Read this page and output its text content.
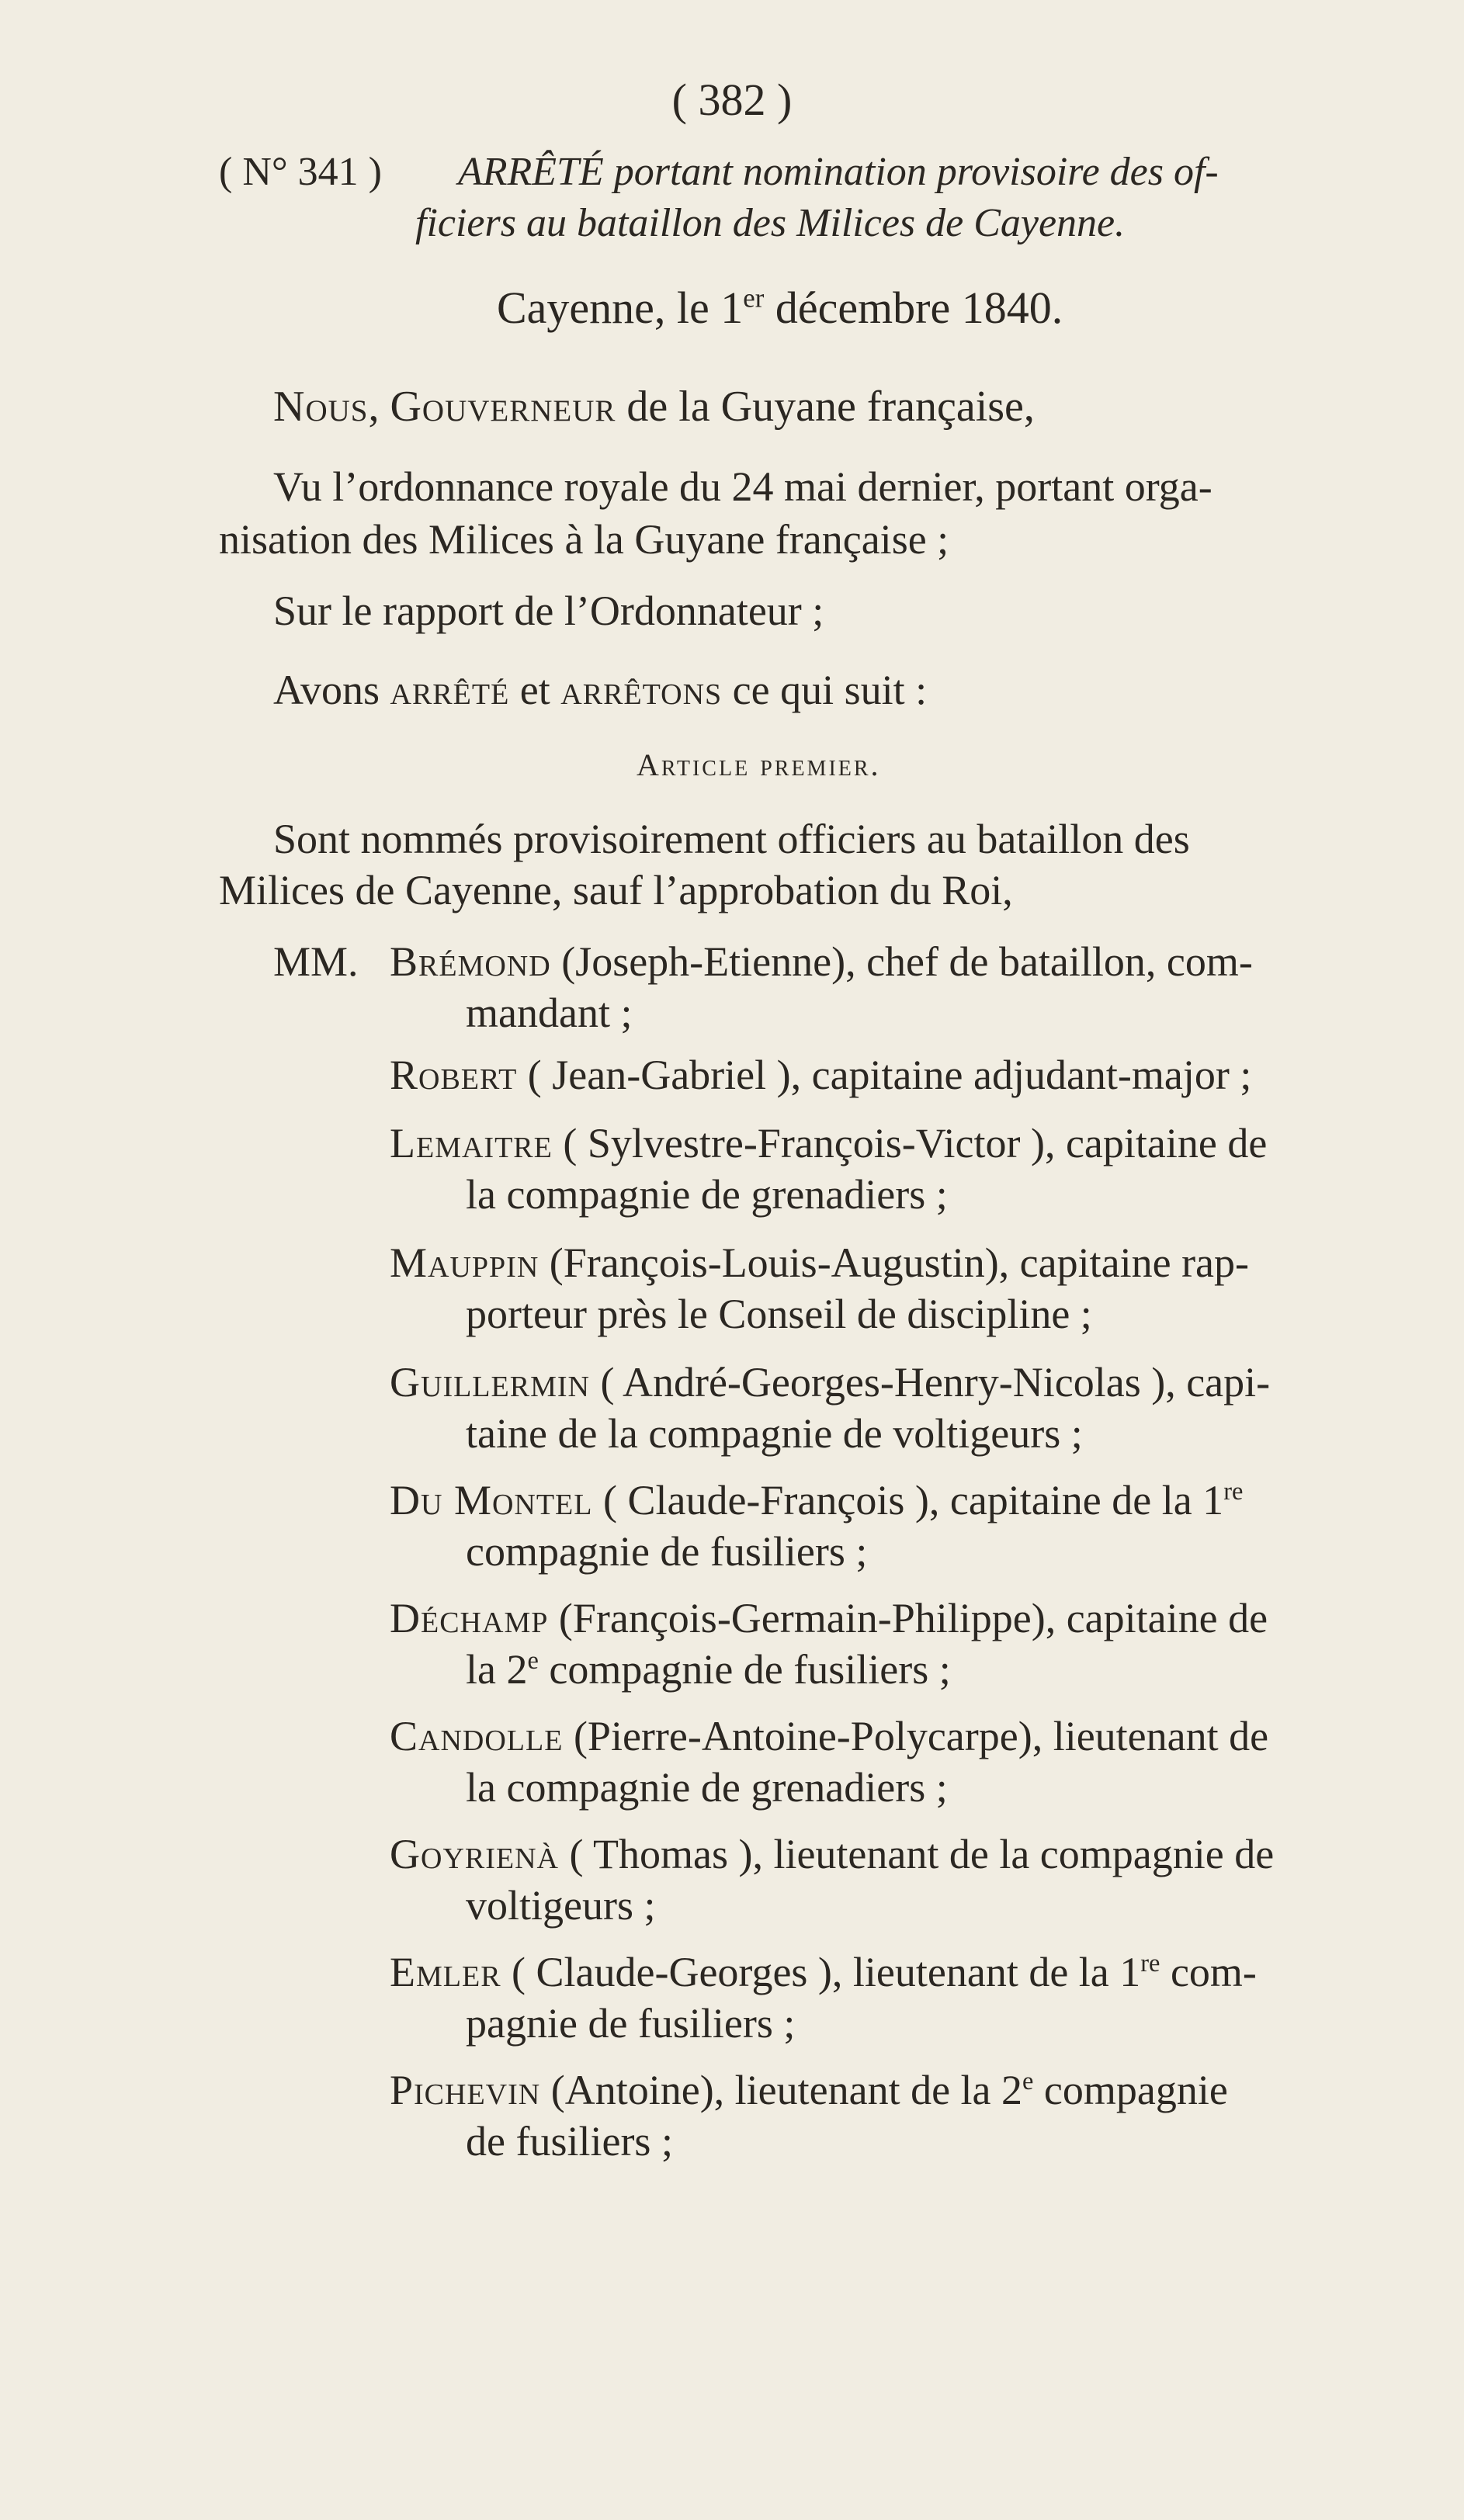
( 382 )
( N° 341 ) ARRÊTÉ portant nomination provisoire des of-
ficiers au bataillon des Milices de Cayenne.
Cayenne, le 1er décembre 1840.
Nous, Gouverneur de la Guyane française,
Vu l’ordonnance royale du 24 mai dernier, portant orga-
nisation des Milices à la Guyane française ;
Sur le rapport de l’Ordonnateur ;
Avons arrêté et arrêtons ce qui suit :
Article premier.
Sont nommés provisoirement officiers au bataillon des
Milices de Cayenne, sauf l’approbation du Roi,
MM. Brémond (Joseph-Etienne), chef de bataillon, com-
mandant ;
Robert ( Jean-Gabriel ), capitaine adjudant-major ;
Lemaitre ( Sylvestre-François-Victor ), capitaine de
la compagnie de grenadiers ;
Mauppin (François-Louis-Augustin), capitaine rap-
porteur près le Conseil de discipline ;
Guillermin ( André-Georges-Henry-Nicolas ), capi-
taine de la compagnie de voltigeurs ;
Du Montel ( Claude-François ), capitaine de la 1re
compagnie de fusiliers ;
Déchamp (François-Germain-Philippe), capitaine de
la 2e compagnie de fusiliers ;
Candolle (Pierre-Antoine-Polycarpe), lieutenant de
la compagnie de grenadiers ;
Goyrienà ( Thomas ), lieutenant de la compagnie de
voltigeurs ;
Emler ( Claude-Georges ), lieutenant de la 1re com-
pagnie de fusiliers ;
Pichevin (Antoine), lieutenant de la 2e compagnie
de fusiliers ;
